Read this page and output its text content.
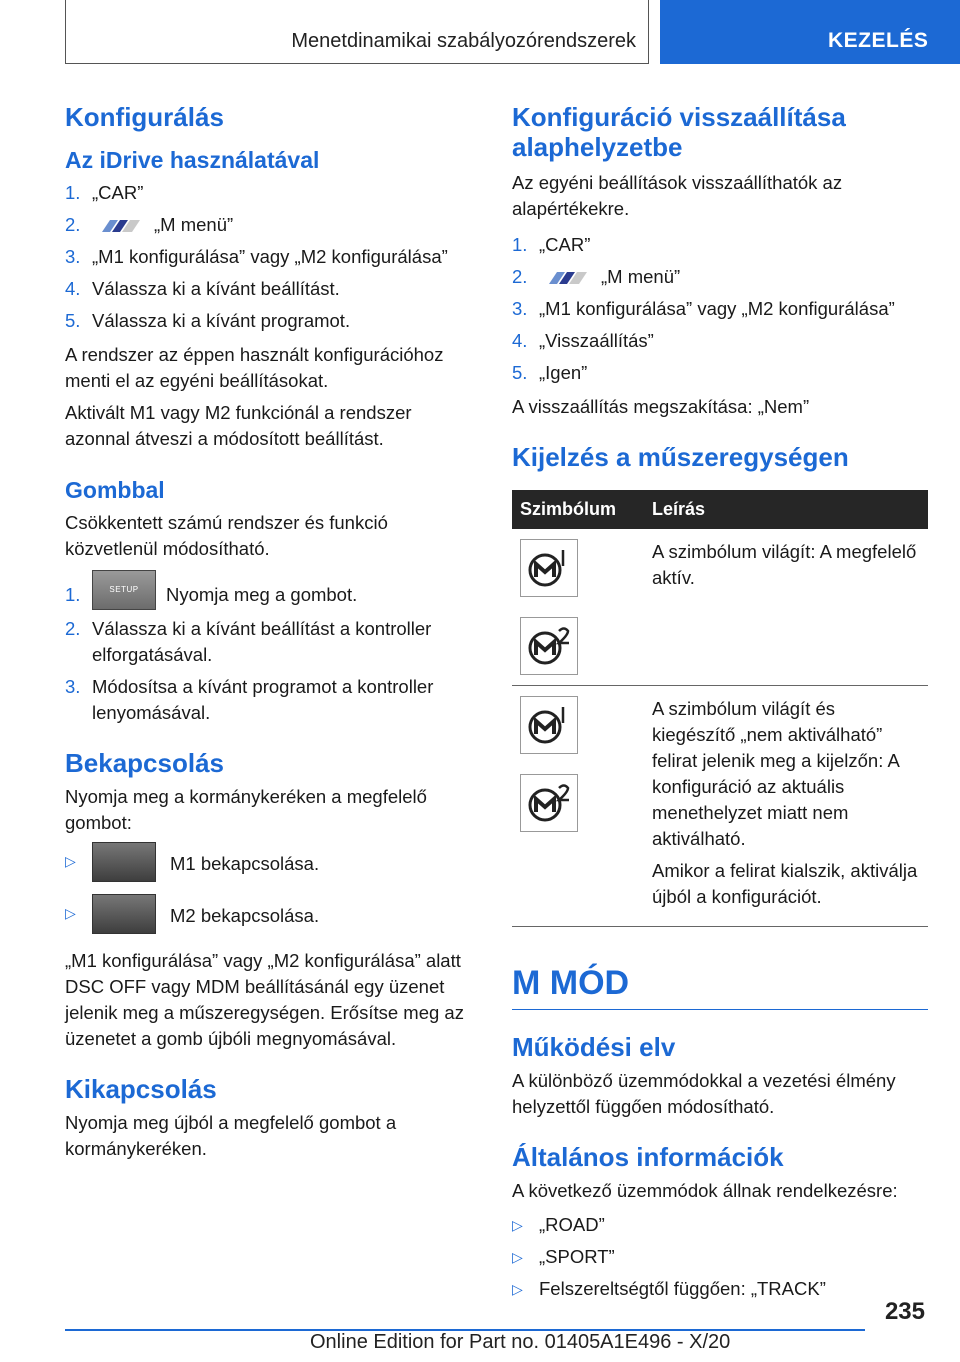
Menetdinamikai szabályozórendszerek	KEZELÉS
Konfigurálás
Az iDrive használatával
1. „CAR”
2.	„M menü”
3. „M1 konfigurálása” vagy „M2 konfigurálása”
4. Válassza ki a kívánt beállítást.
5. Válassza ki a kívánt programot.

A rendszer az éppen használt konfigurációhoz menti el az egyéni beállításokat.

Aktivált M1 vagy M2 funkciónál a rendszer azonnal átveszi a módosított beállítást.

Gombbal

Csökkentett számú rendszer és funkció közvetlenül módosítható.

1.	SETUP Nyomja meg a gombot.
2. Válassza ki a kívánt beállítást a kontroller elforgatásával.
3. Módosítsa a kívánt programot a kontroller lenyomásával.
Bekapcsolás

Nyomja meg a kormánykeréken a megfelelő gombot:

▷	M1 bekapcsolása.
▷	M2 bekapcsolása.

„M1 konfigurálása” vagy „M2 konfigurálása” alatt DSC OFF vagy MDM beállításánál egy üzenet jelenik meg a műszeregységen. Erősítse meg az üzenetet a gomb újbóli megnyomásával.

Kikapcsolás

Nyomja meg újból a megfelelő gombot a kormánykeréken.

Konfiguráció visszaállítása alaphelyzetbe

Az egyéni beállítások visszaállíthatók az alapértékekre.

1. „CAR”
2.	„M menü”
3. „M1 konfigurálása” vagy „M2 konfigurálása”
4. „Visszaállítás”
5. „Igen”

A visszaállítás megszakítása: „Nem”

Kijelzés a műszeregységen
Szimbólum	Leírás

	A szimbólum világít: A megfelelő aktív.

A szimbólum világít és kiegészítő „nem aktiválható” felirat jelenik meg a kijelzőn: A konfiguráció az aktuális menethelyzet miatt nem aktiválható.

Amikor a felirat kialszik, aktiválja újból a konfigurációt.

M MÓD
Működési elv

A különböző üzemmódokkal a vezetési élmény helyzettől függően módosítható.

Általános információk

A következő üzemmódok állnak rendelkezésre:

▷ „ROAD”
▷ „SPORT”
▷ Felszereltségtől függően: „TRACK”
235
Online Edition for Part no. 01405A1E496 - X/20
